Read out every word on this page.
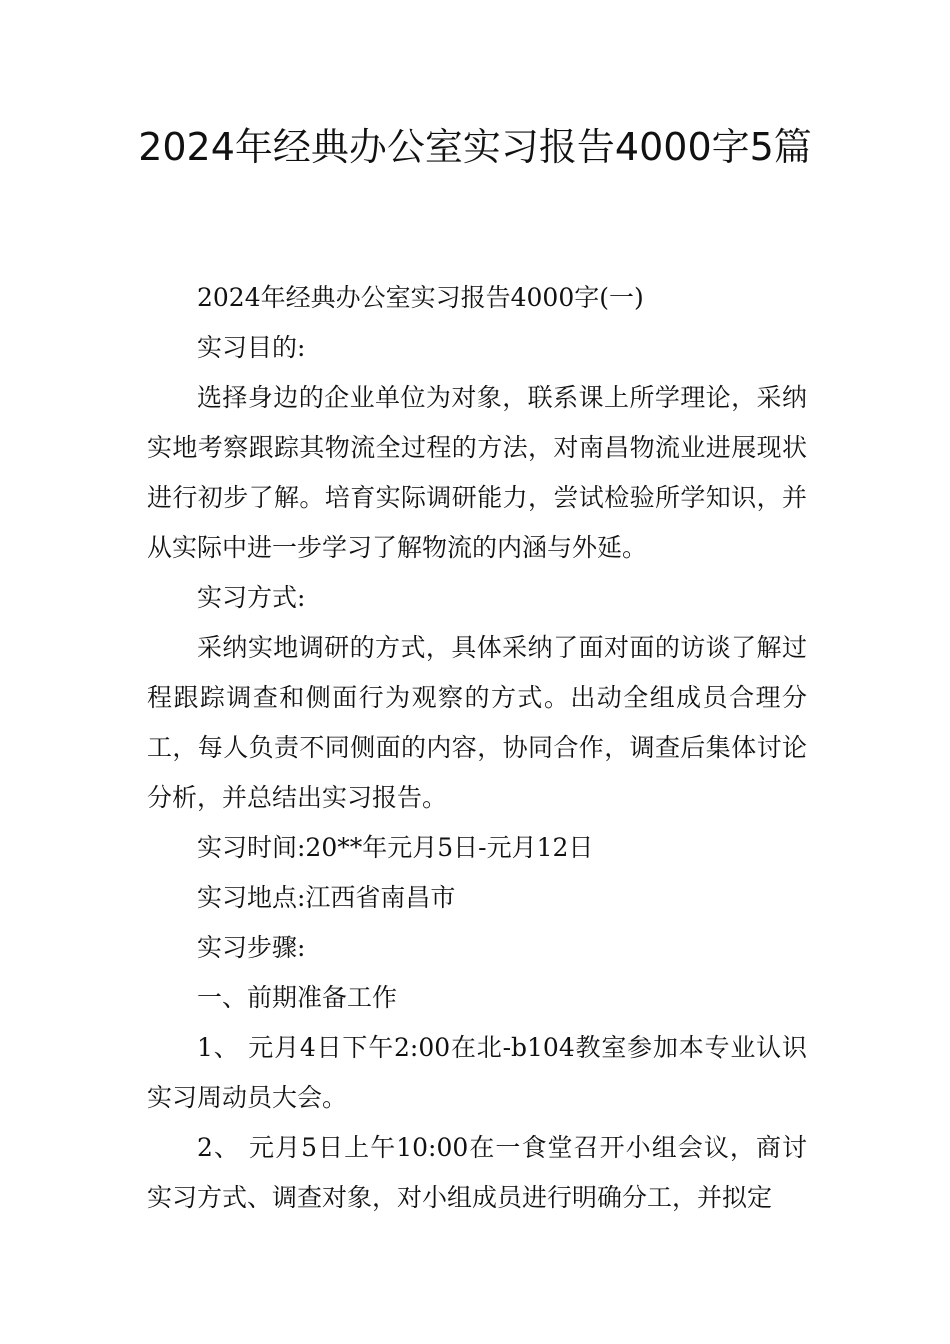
2024年经典办公室实习报告4000字5篇

2024年经典办公室实习报告4000字(一)

实习目的:

选择身边的企业单位为对象，联系课上所学理论，采纳实地考察跟踪其物流全过程的方法，对南昌物流业进展现状进行初步了解。培育实际调研能力，尝试检验所学知识，并从实际中进一步学习了解物流的内涵与外延。

实习方式:

采纳实地调研的方式，具体采纳了面对面的访谈了解过程跟踪调查和侧面行为观察的方式。出动全组成员合理分工，每人负责不同侧面的内容，协同合作，调查后集体讨论分析，并总结出实习报告。

实习时间:20**年元月5日-元月12日

实习地点:江西省南昌市

实习步骤:

一、前期准备工作

1、 元月4日下午2:00在北-b104教室参加本专业认识实习周动员大会。

2、 元月5日上午10:00在一食堂召开小组会议，商讨实习方式、调查对象，对小组成员进行明确分工，并拟定
